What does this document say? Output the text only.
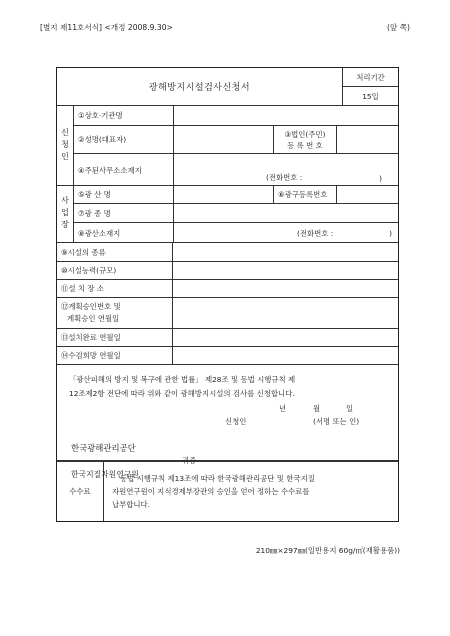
[별지 제11호서식] <개정 2008.9.30>	(앞 쪽)
광해방지시설검사신청서
처리기간
15일
신청인
①상호·기관명
②성명(대표자)
③법인(주민)
등 록 번 호
④주된사무소소재지
(전화번호 :	)
사업장
⑤광 산 명	⑥광구등록번호
⑦광 종 명
⑧광산소재지	(전화번호 :	)
⑨시설의 종류
⑩시설능력(규모)
⑪설 치 장 소
⑫계획승인번호 및
계획승인 연월일
⑬설치완료 연월일
⑭수검희망 연월일
「광산피해의 방지 및 복구에 관한 법률」 제28조 및 동법 시행규칙 제
12조제2항 전단에 따라 위와 같이 광해방지시설의 검사를 신청합니다.
년	월	일
신청인	(서명 또는 인)
한국광해관리공단
귀중
한국지질자원연구원
수수료
동법 시행규칙 제13조에 따라 한국광해관리공단 및 한국지질
자원연구원이 지식경제부장관의 승인을 얻어 정하는 수수료를
납부합니다.
210㎜×297㎜(일반용지 60g/㎡(재활용품))
